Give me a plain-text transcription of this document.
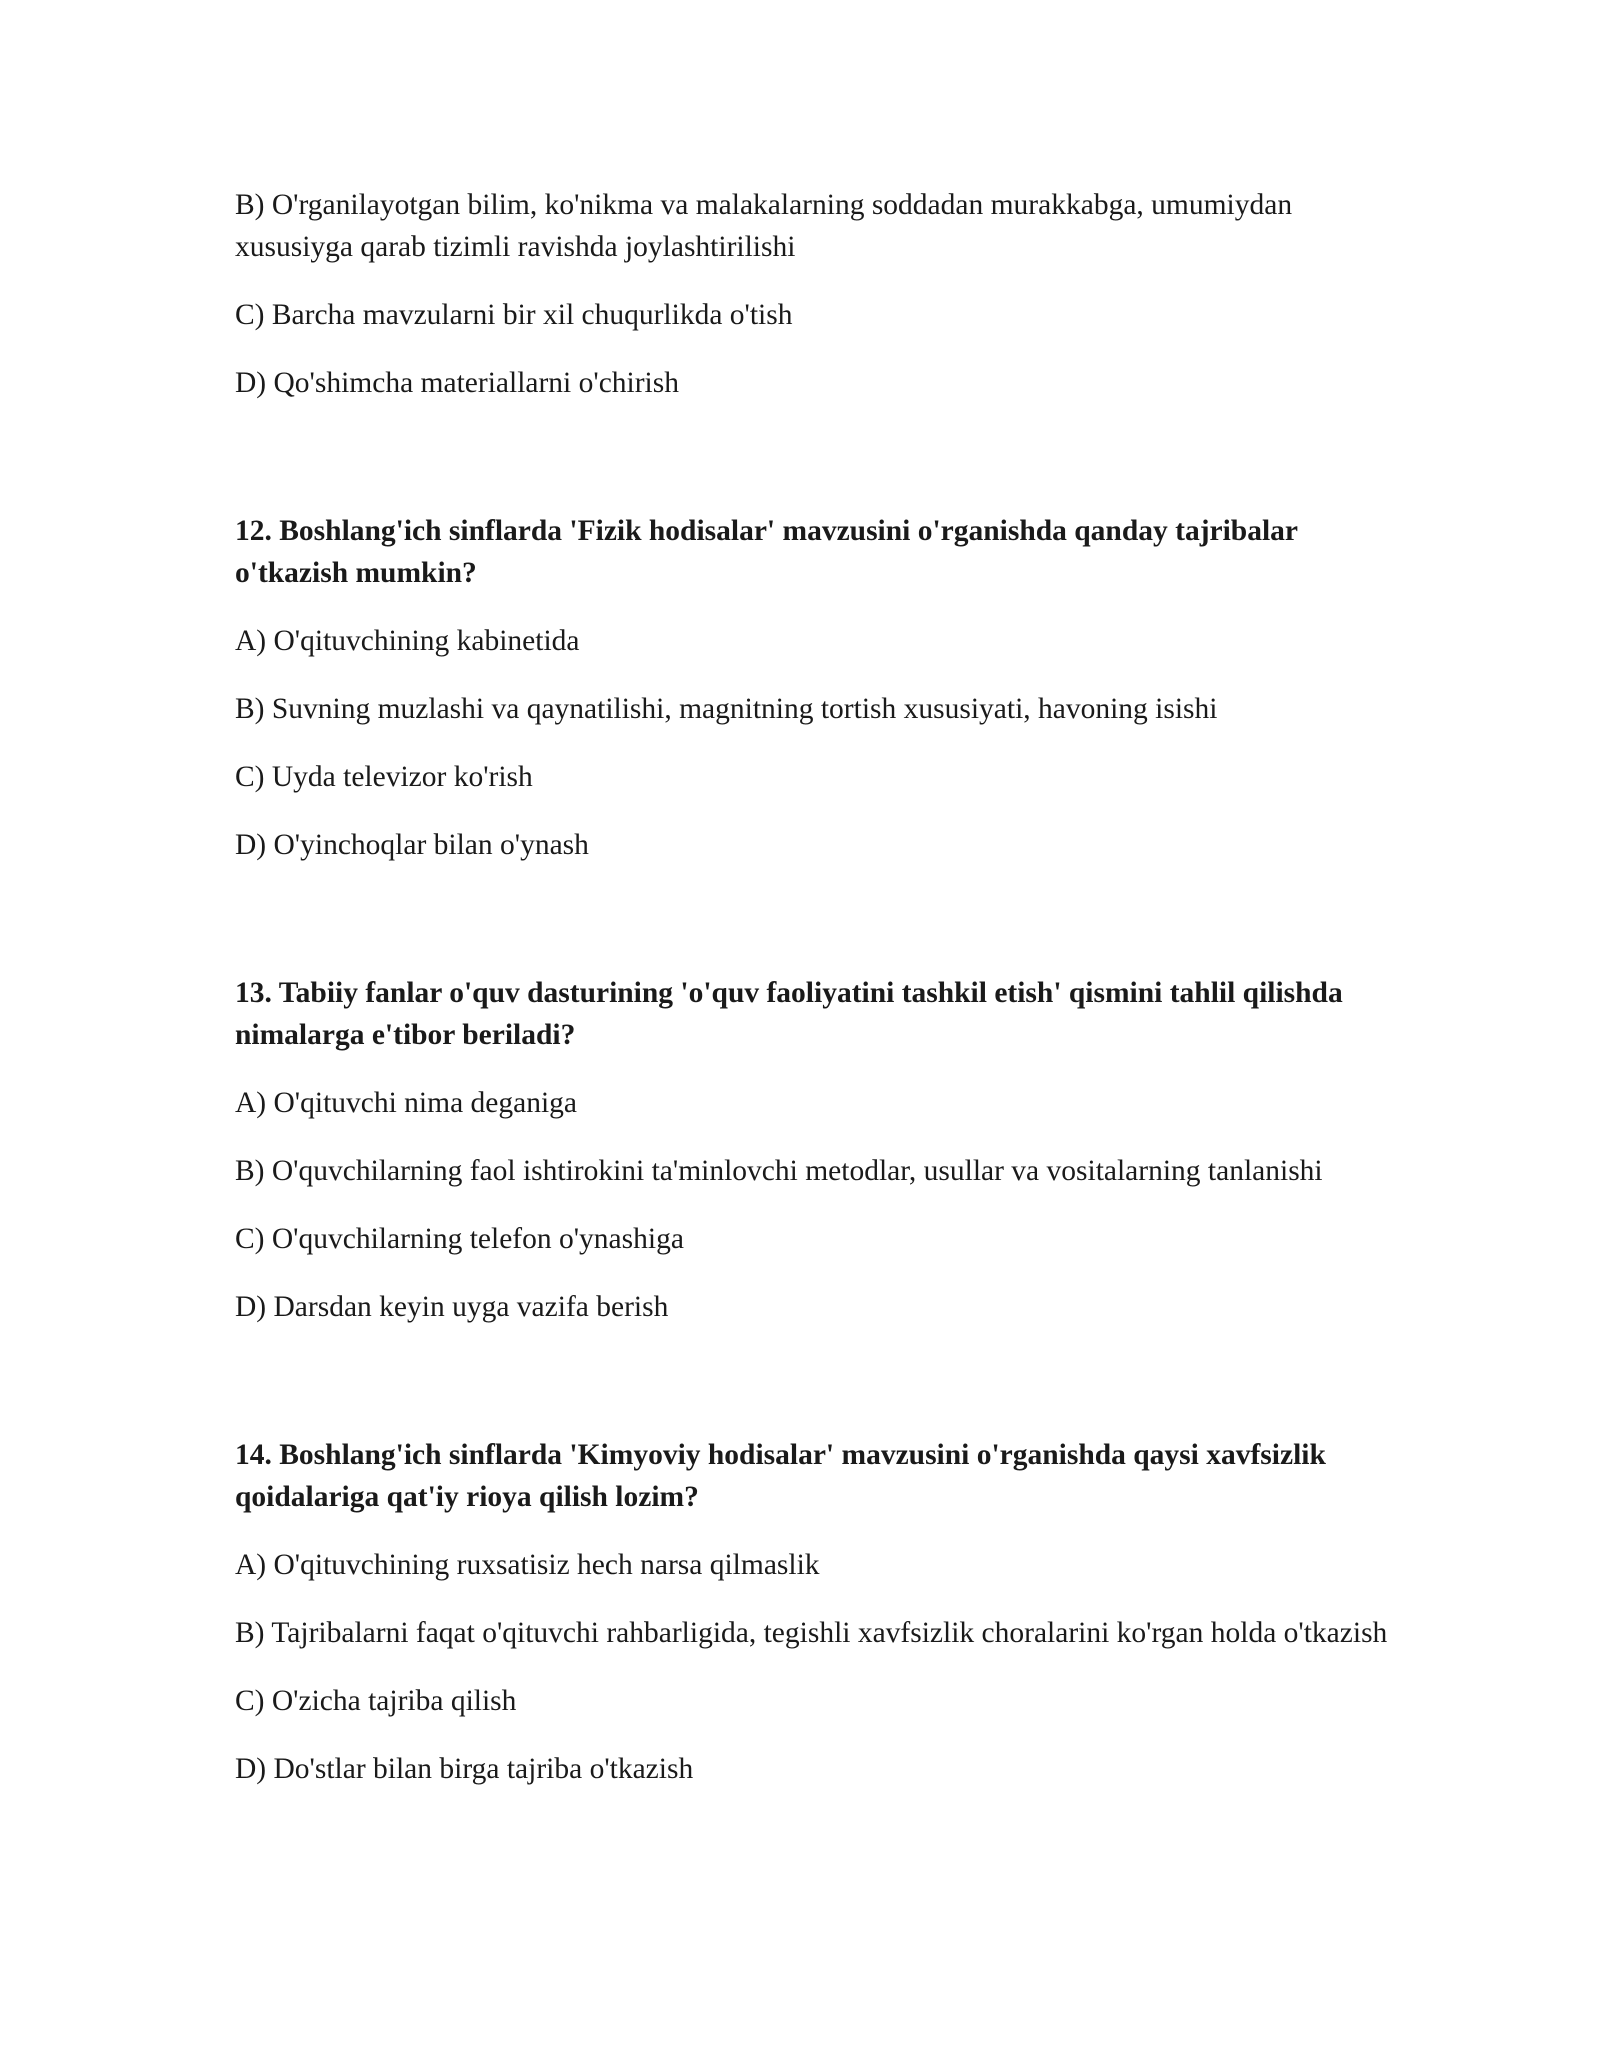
B) O'rganilayotgan bilim, ko'nikma va malakalarning soddadan murakkabga, umumiydan xususiyga qarab tizimli ravishda joylashtirilishi

C) Barcha mavzularni bir xil chuqurlikda o'tish

D) Qo'shimcha materiallarni o'chirish

12. Boshlang'ich sinflarda 'Fizik hodisalar' mavzusini o'rganishda qanday tajribalar o'tkazish mumkin?

A) O'qituvchining kabinetida

B) Suvning muzlashi va qaynatilishi, magnitning tortish xususiyati, havoning isishi

C) Uyda televizor ko'rish

D) O'yinchoqlar bilan o'ynash

13. Tabiiy fanlar o'quv dasturining 'o'quv faoliyatini tashkil etish' qismini tahlil qilishda nimalarga e'tibor beriladi?

A) O'qituvchi nima deganiga

B) O'quvchilarning faol ishtirokini ta'minlovchi metodlar, usullar va vositalarning tanlanishi

C) O'quvchilarning telefon o'ynashiga

D) Darsdan keyin uyga vazifa berish

14. Boshlang'ich sinflarda 'Kimyoviy hodisalar' mavzusini o'rganishda qaysi xavfsizlik qoidalariga qat'iy rioya qilish lozim?

A) O'qituvchining ruxsatisiz hech narsa qilmaslik

B) Tajribalarni faqat o'qituvchi rahbarligida, tegishli xavfsizlik choralarini ko'rgan holda o'tkazish

C) O'zicha tajriba qilish

D) Do'stlar bilan birga tajriba o'tkazish
